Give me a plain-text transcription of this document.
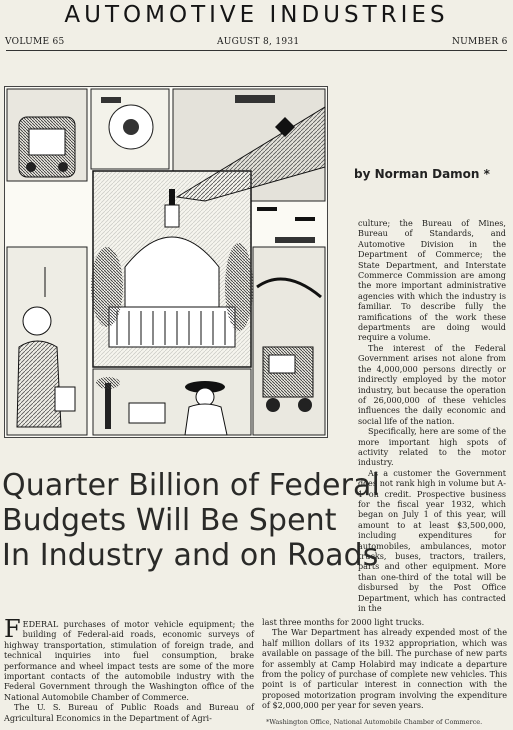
AUTOMOTIVE INDUSTRIES
VOLUME 65	AUGUST 8, 1931	NUMBER 6
by Norman Damon *

culture; the Bureau of Mines, Bureau of Standards, and Automotive Division in the Department of Commerce; the State Department, and Interstate Commerce Commission are among the more important administrative agencies with which the industry is familiar. To describe fully the ramifications of the work these departments are doing would require a volume.

The interest of the Federal Government arises not alone from the 4,000,000 persons directly or indirectly employed by the motor industry, but because the operation of 26,000,000 of these vehicles influences the daily economic and social life of the nation.

Specifically, here are some of the more important high spots of activity related to the motor industry.

As a customer the Government does not rank high in volume but A-1 on credit. Prospective business for the fiscal year 1932, which began on July 1 of this year, will amount to at least $3,500,000, including expenditures for automobiles, ambulances, motor trucks, buses, tractors, trailers, parts and other equipment. More than one-third of the total will be disbursed by the Post Office Department, which has contracted in the

Quarter Billion of Federal
Budgets Will Be Spent
In Industry and on Roads

FEDERAL purchases of motor vehicle equipment; the building of Federal-aid roads, economic surveys of highway transportation, stimulation of foreign trade, and technical inquiries into fuel consumption, brake performance and wheel impact tests are some of the more important contacts of the automobile industry with the Federal Government through the Washington office of the National Automobile Chamber of Commerce.

The U. S. Bureau of Public Roads and Bureau of Agricultural Economics in the Department of Agri-

last three months for 2000 light trucks.

The War Department has already expended most of the half million dollars of its 1932 appropriation, which was available on passage of the bill. The purchase of new parts for assembly at Camp Holabird may indicate a departure from the policy of purchase of complete new vehicles. This point is of particular interest in connection with the proposed motorization program involving the expenditure of $2,000,000 per year for seven years.

*Washington Office, National Automobile Chamber of Commerce.
